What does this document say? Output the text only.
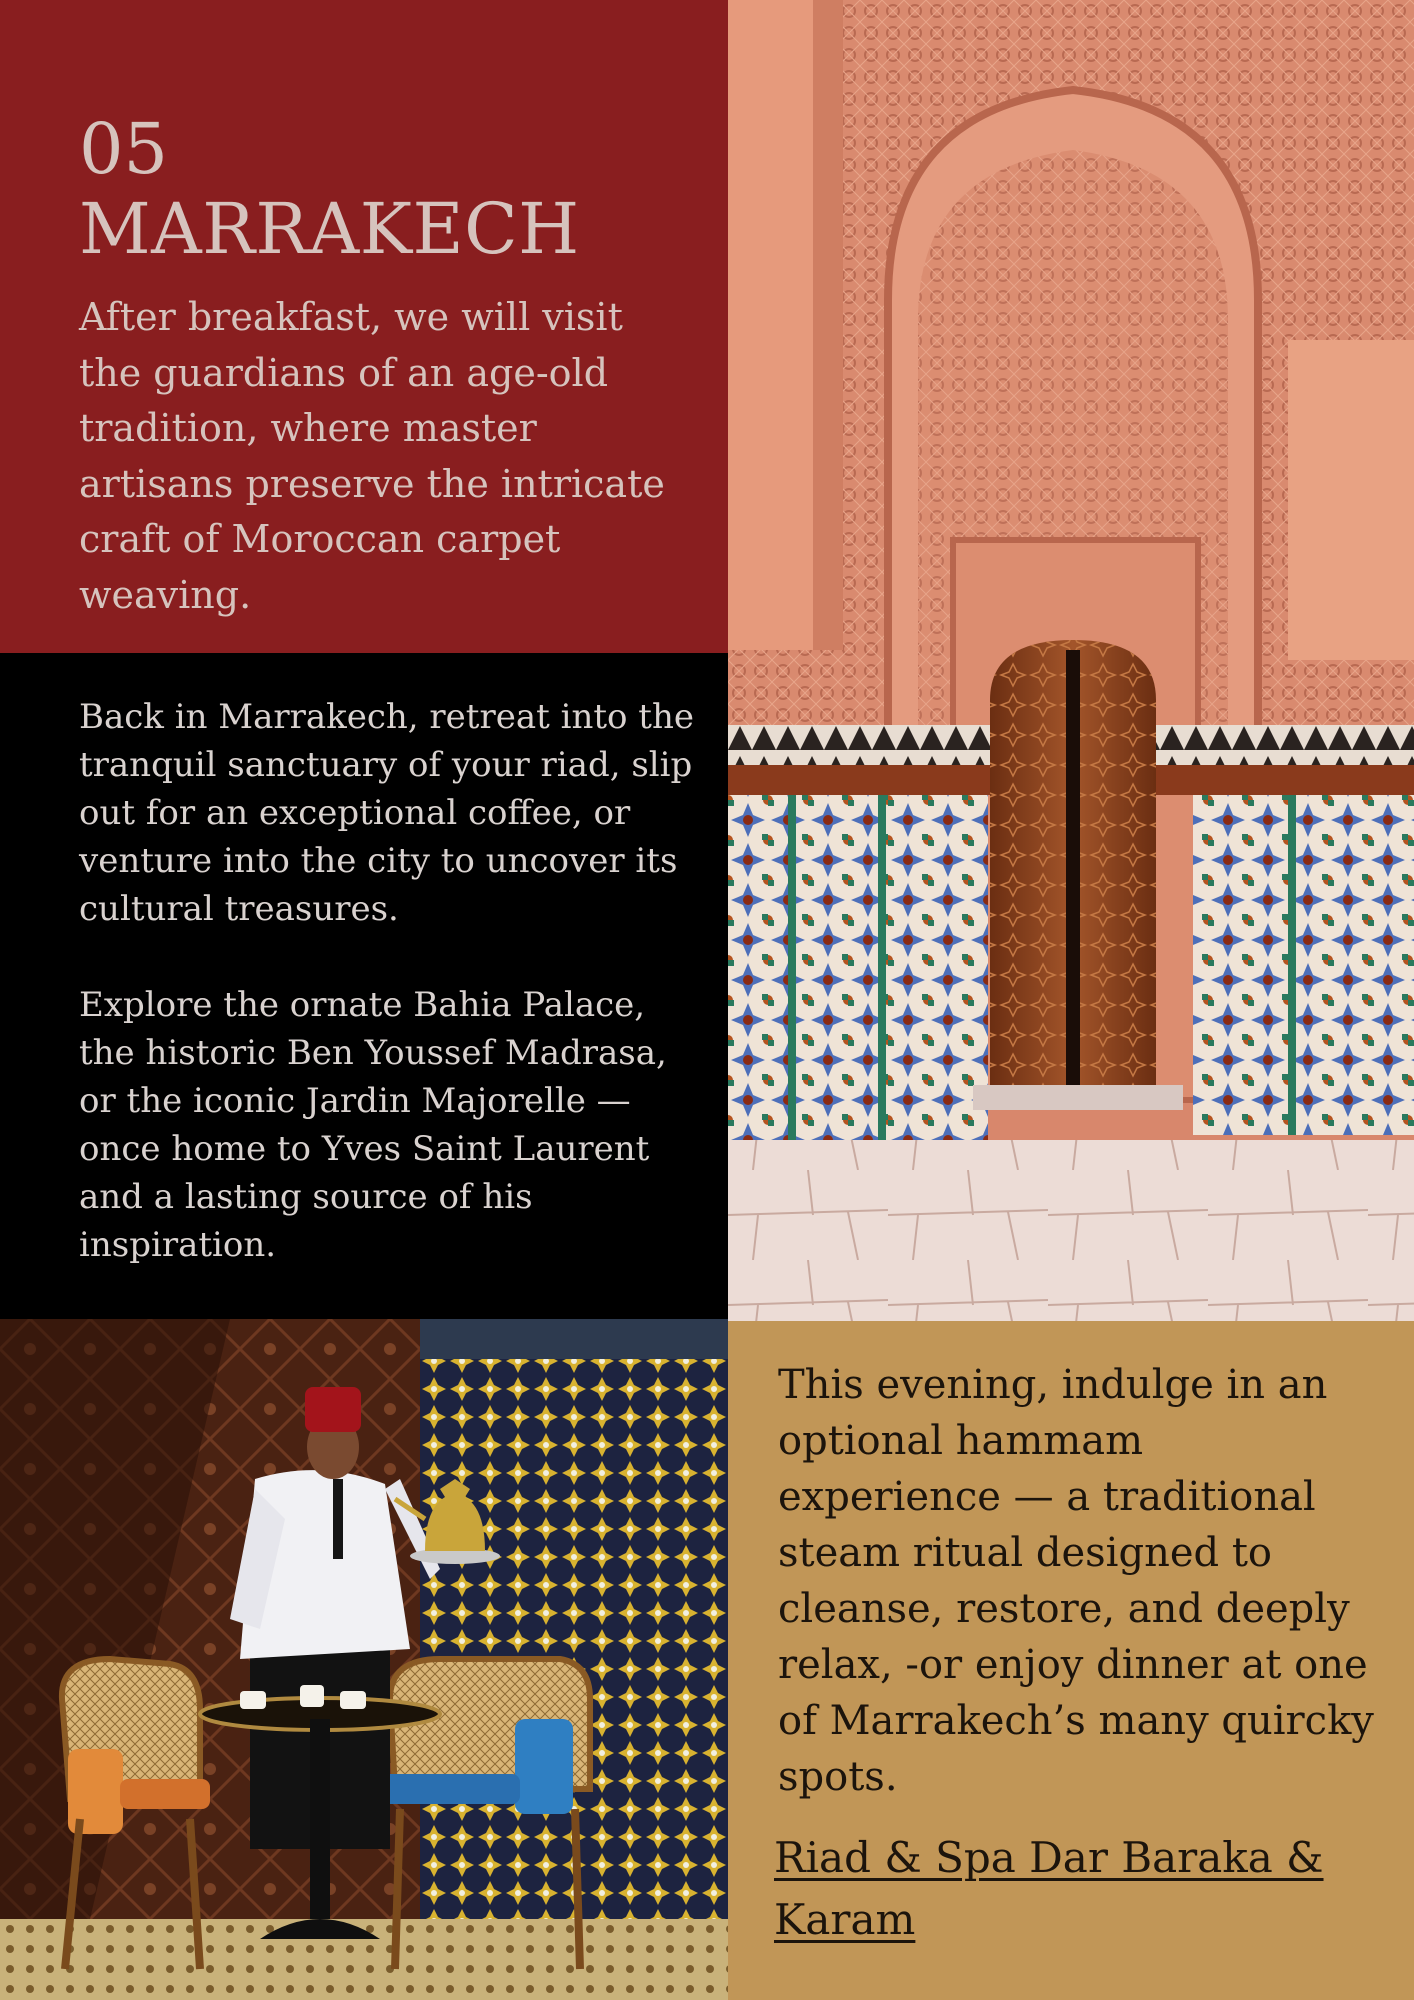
05
MARRAKECH

After breakfast, we will visit the guardians of an age-old tradition, where master artisans preserve the intricate craft of Moroccan carpet weaving.

Back in Marrakech, retreat into the tranquil sanctuary of your riad, slip out for an exceptional coffee, or venture into the city to uncover its cultural treasures.

Explore the ornate Bahia Palace, the historic Ben Youssef Madrasa, or the iconic Jardin Majorelle — once home to Yves Saint Laurent and a lasting source of his inspiration.

This evening, indulge in an optional hammam experience — a traditional steam ritual designed to cleanse, restore, and deeply relax, -or enjoy dinner at one of Marrakech’s many quircky spots.

Riad & Spa Dar Baraka & Karam
